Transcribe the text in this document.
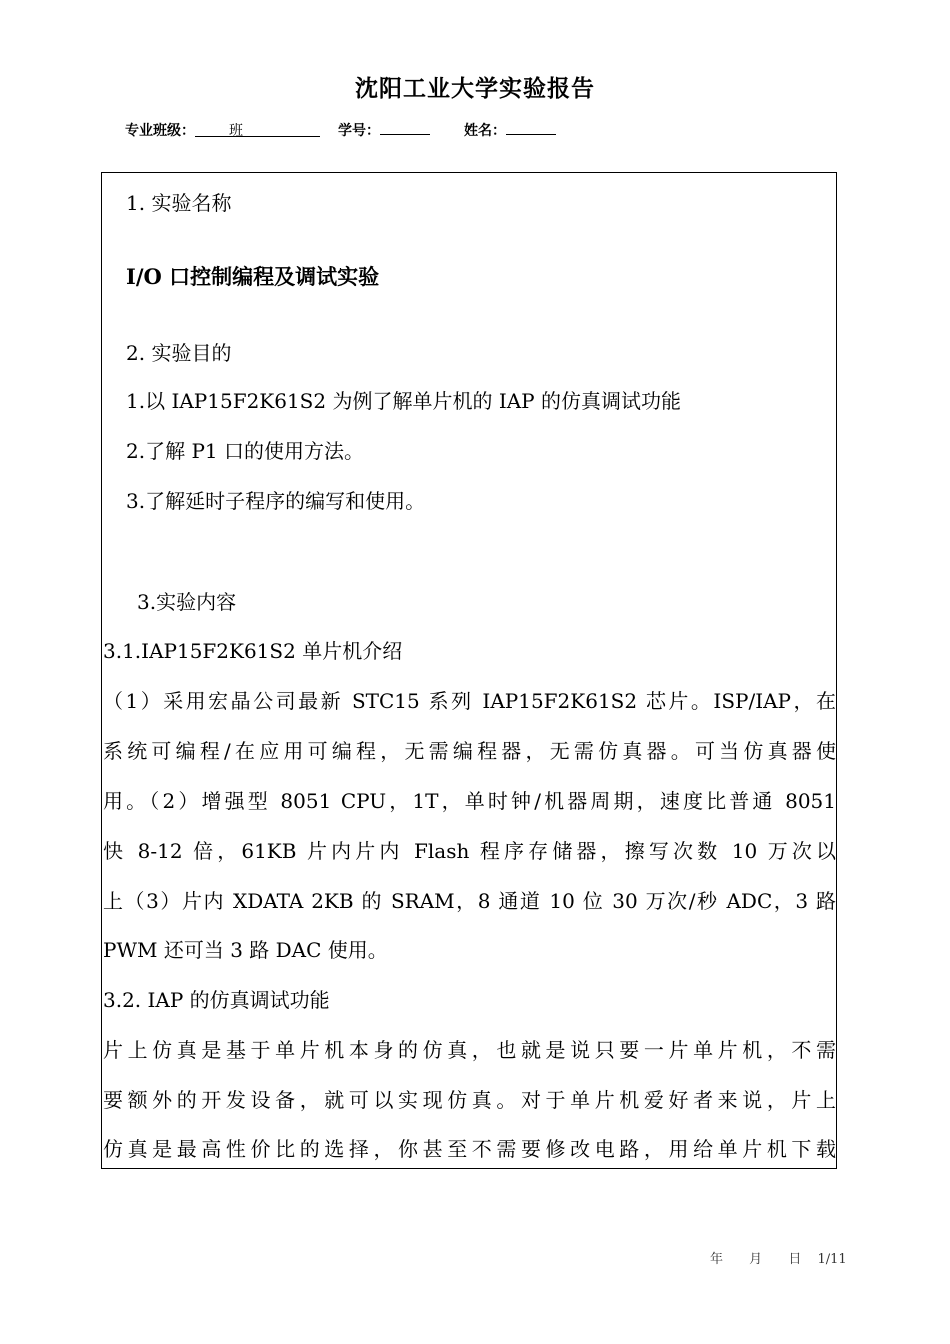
沈阳工业大学实验报告
专业班级：	班	学号：	姓名：
1. 实验名称
I/O 口控制编程及调试实验
2. 实验目的
1.以 IAP15F2K61S2 为例了解单片机的 IAP 的仿真调试功能
2.了解 P1 口的使用方法。
3.了解延时子程序的编写和使用。
3.实验内容
3.1.IAP15F2K61S2 单片机介绍
（1）采用宏晶公司最新 STC15 系列 IAP15F2K61S2 芯片。ISP/IAP，在
系统可编程/在应用可编程，无需编程器，无需仿真器。可当仿真器使
用。（2）增强型 8051 CPU，1T，单时钟/机器周期，速度比普通 8051
快 8-12 倍，61KB 片内片内 Flash 程序存储器，擦写次数 10 万次以
上（3）片内 XDATA 2KB 的 SRAM，8 通道 10 位 30 万次/秒 ADC，3 路
PWM 还可当 3 路 DAC 使用。
3.2. IAP 的仿真调试功能
片上仿真是基于单片机本身的仿真，也就是说只要一片单片机，不需
要额外的开发设备，就可以实现仿真。对于单片机爱好者来说，片上
仿真是最高性价比的选择，你甚至不需要修改电路，用给单片机下载
年 月 日 1/11
